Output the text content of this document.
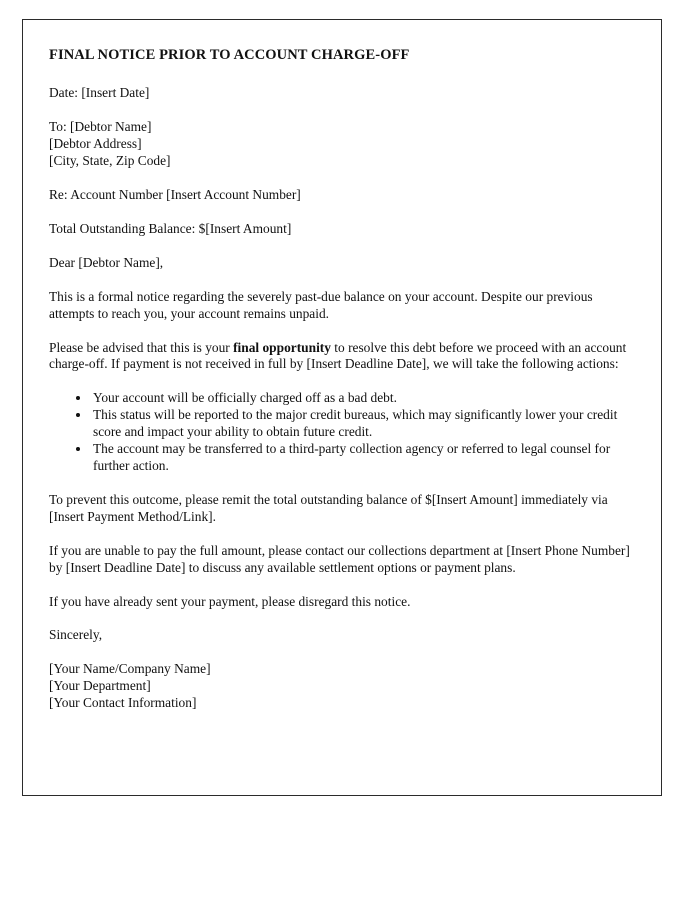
FINAL NOTICE PRIOR TO ACCOUNT CHARGE-OFF

Date: [Insert Date]

To: [Debtor Name]
[Debtor Address]
[City, State, Zip Code]

Re: Account Number [Insert Account Number]

Total Outstanding Balance: $[Insert Amount]

Dear [Debtor Name],

This is a formal notice regarding the severely past-due balance on your account. Despite our previous attempts to reach you, your account remains unpaid.

Please be advised that this is your final opportunity to resolve this debt before we proceed with an account charge-off. If payment is not received in full by [Insert Deadline Date], we will take the following actions:

• Your account will be officially charged off as a bad debt.
• This status will be reported to the major credit bureaus, which may significantly lower your credit score and impact your ability to obtain future credit.
• The account may be transferred to a third-party collection agency or referred to legal counsel for further action.

To prevent this outcome, please remit the total outstanding balance of $[Insert Amount] immediately via [Insert Payment Method/Link].

If you are unable to pay the full amount, please contact our collections department at [Insert Phone Number] by [Insert Deadline Date] to discuss any available settlement options or payment plans.

If you have already sent your payment, please disregard this notice.

Sincerely,

[Your Name/Company Name]
[Your Department]
[Your Contact Information]
